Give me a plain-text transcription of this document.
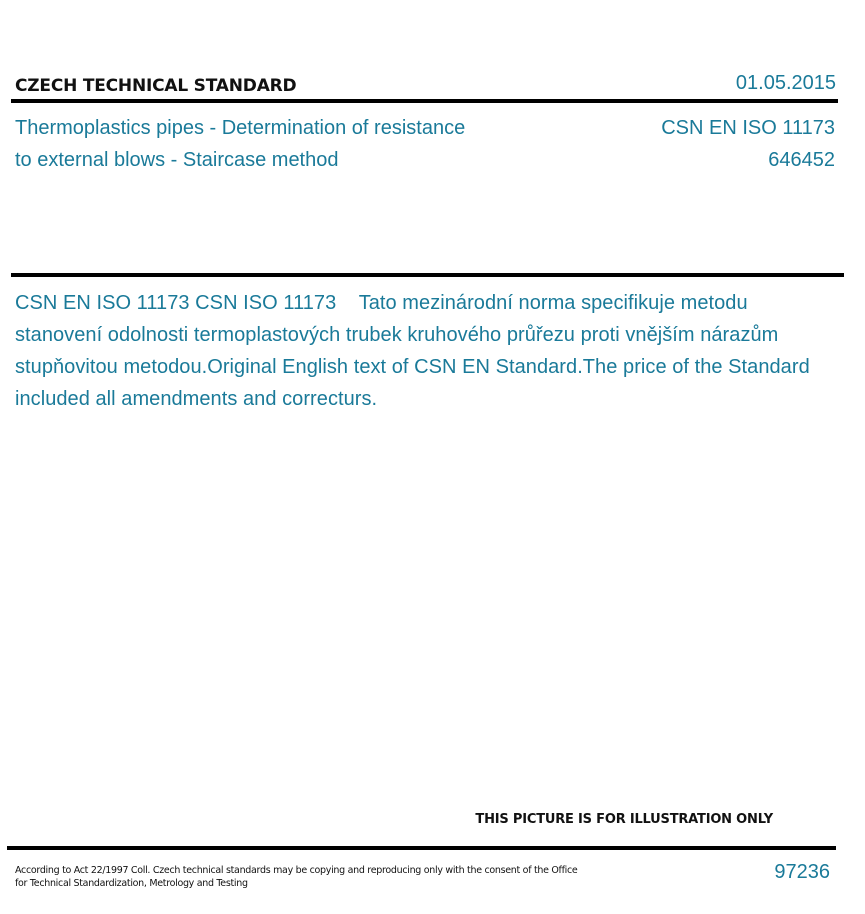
CZECH TECHNICAL STANDARD	01.05.2015
Thermoplastics pipes - Determination of resistance
to external blows - Staircase method
CSN EN ISO 11173
646452
CSN EN ISO 11173 CSN ISO 11173    Tato mezinárodní norma specifikuje metodu stanovení odolnosti termoplastových trubek kruhového průřezu proti vnějším nárazům stupňovitou metodou.Original English text of CSN EN Standard.The price of the Standard included all amendments and correcturs.
THIS PICTURE IS FOR ILLUSTRATION ONLY
According to Act 22/1997 Coll. Czech technical standards may be copying and reproducing only with the consent of the Office
for Technical Standardization, Metrology and Testing
97236
